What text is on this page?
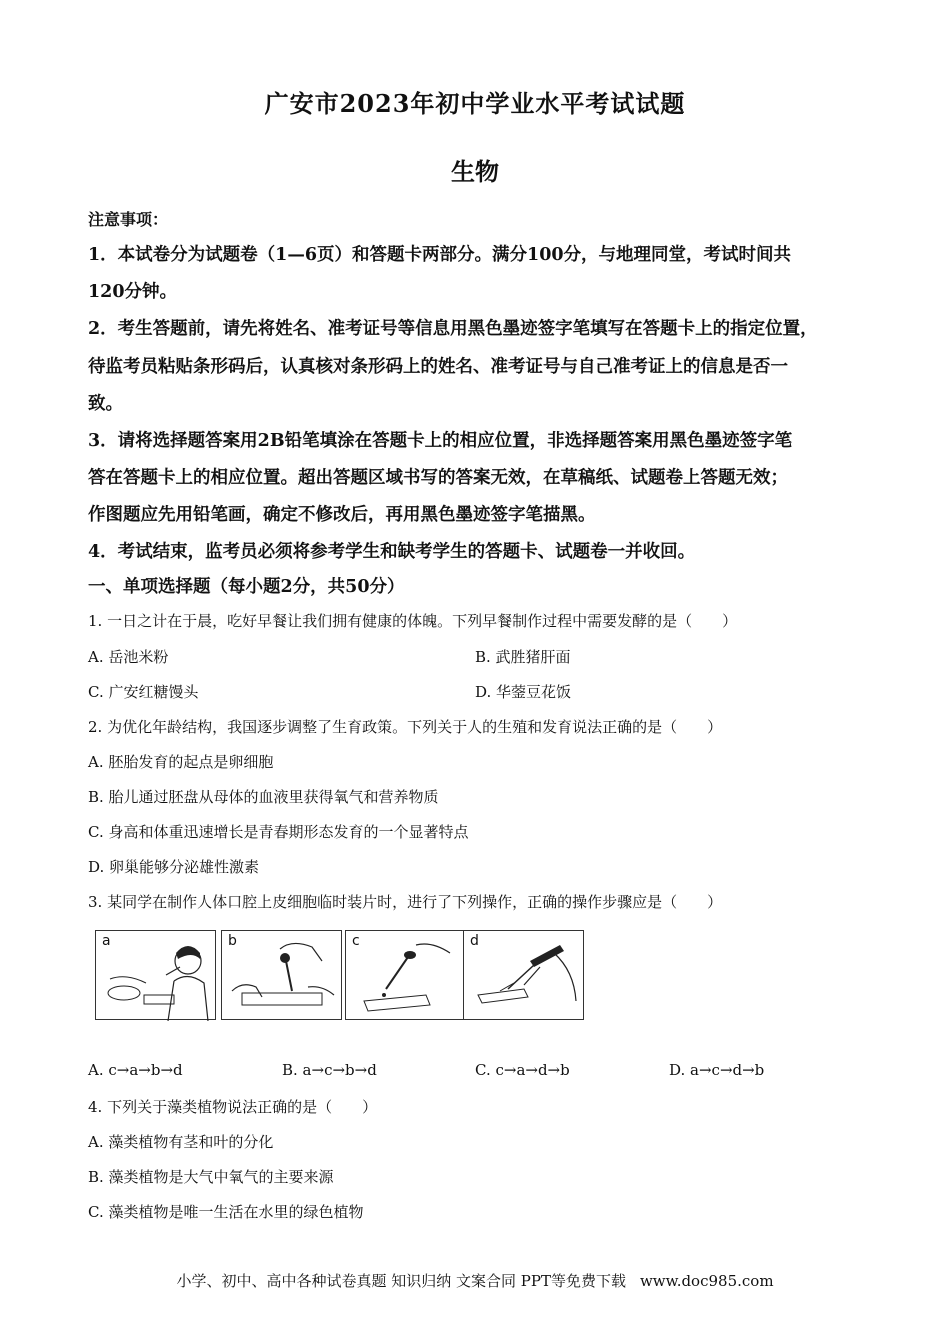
广安市2023年初中学业水平考试试题
生物
注意事项：
1．本试卷分为试题卷（1—6页）和答题卡两部分。满分100分，与地理同堂，考试时间共
120分钟。
2．考生答题前，请先将姓名、准考证号等信息用黑色墨迹签字笔填写在答题卡上的指定位置，
待监考员粘贴条形码后，认真核对条形码上的姓名、准考证号与自己准考证上的信息是否一
致。
3．请将选择题答案用2B铅笔填涂在答题卡上的相应位置，非选择题答案用黑色墨迹签字笔
答在答题卡上的相应位置。超出答题区域书写的答案无效，在草稿纸、试题卷上答题无效；
作图题应先用铅笔画，确定不修改后，再用黑色墨迹签字笔描黑。
4．考试结束，监考员必须将参考学生和缺考学生的答题卡、试题卷一并收回。
一、单项选择题（每小题2分，共50分）
1. 一日之计在于晨，吃好早餐让我们拥有健康的体魄。下列早餐制作过程中需要发酵的是（　　）
A. 岳池米粉	B. 武胜猪肝面
C. 广安红糖馒头	D. 华蓥豆花饭
2. 为优化年龄结构，我国逐步调整了生育政策。下列关于人的生殖和发育说法正确的是（　　）
A. 胚胎发育的起点是卵细胞
B. 胎儿通过胚盘从母体的血液里获得氧气和营养物质
C. 身高和体重迅速增长是青春期形态发育的一个显著特点
D. 卵巢能够分泌雄性激素
3. 某同学在制作人体口腔上皮细胞临时装片时，进行了下列操作，正确的操作步骤应是（　　）
a	b	c	d
A. c→a→b→d	B. a→c→b→d	C. c→a→d→b	D. a→c→d→b
4. 下列关于藻类植物说法正确的是（　　）
A. 藻类植物有茎和叶的分化
B. 藻类植物是大气中氧气的主要来源
C. 藻类植物是唯一生活在水里的绿色植物
小学、初中、高中各种试卷真题 知识归纳 文案合同 PPT等免费下载 www.doc985.com
